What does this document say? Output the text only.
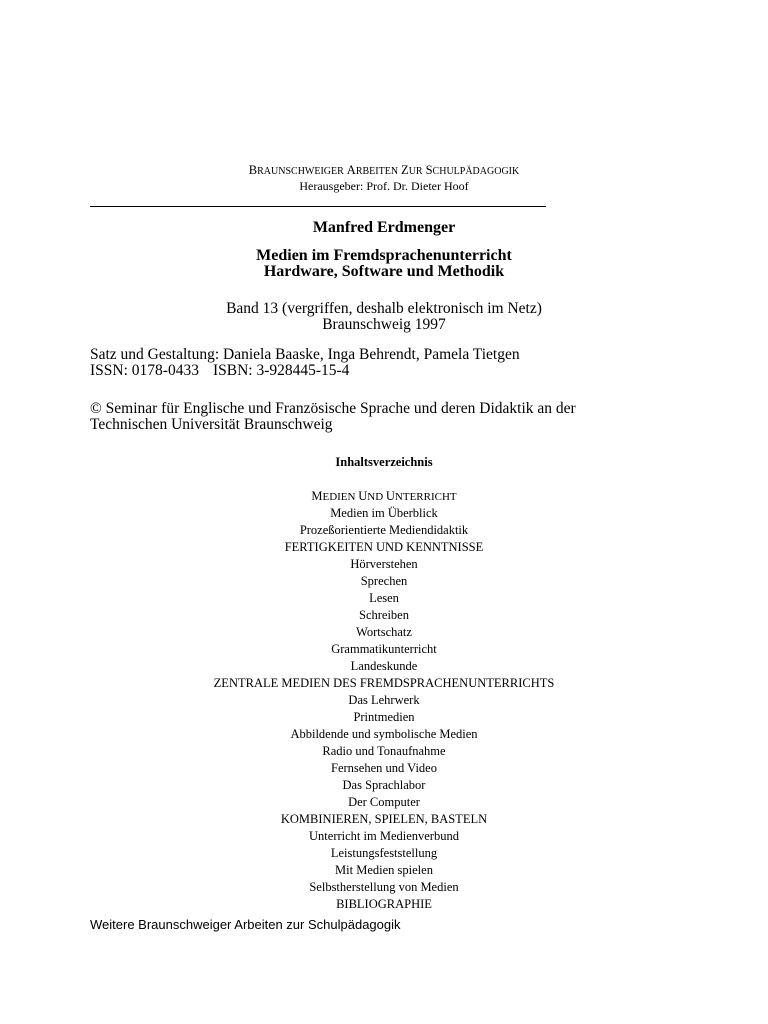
BRAUNSCHWEIGER ARBEITEN ZUR SCHULPÄDAGOGIK
Herausgeber: Prof. Dr. Dieter Hoof
Manfred Erdmenger
Medien im Fremdsprachenunterricht
Hardware, Software und Methodik
Band 13 (vergriffen, deshalb elektronisch im Netz)
Braunschweig 1997
Satz und Gestaltung: Daniela Baaske, Inga Behrendt, Pamela Tietgen
ISSN: 0178-0433 ISBN: 3-928445-15-4
© Seminar für Englische und Französische Sprache und deren Didaktik an der
Technischen Universität Braunschweig
Inhaltsverzeichnis
MEDIEN UND UNTERRICHT
Medien im Überblick
Prozeßorientierte Mediendidaktik
FERTIGKEITEN UND KENNTNISSE
Hörverstehen
Sprechen
Lesen
Schreiben
Wortschatz
Grammatikunterricht
Landeskunde
ZENTRALE MEDIEN DES FREMDSPRACHENUNTERRICHTS
Das Lehrwerk
Printmedien
Abbildende und symbolische Medien
Radio und Tonaufnahme
Fernsehen und Video
Das Sprachlabor
Der Computer
KOMBINIEREN, SPIELEN, BASTELN
Unterricht im Medienverbund
Leistungsfeststellung
Mit Medien spielen
Selbstherstellung von Medien
BIBLIOGRAPHIE
Weitere Braunschweiger Arbeiten zur Schulpädagogik
